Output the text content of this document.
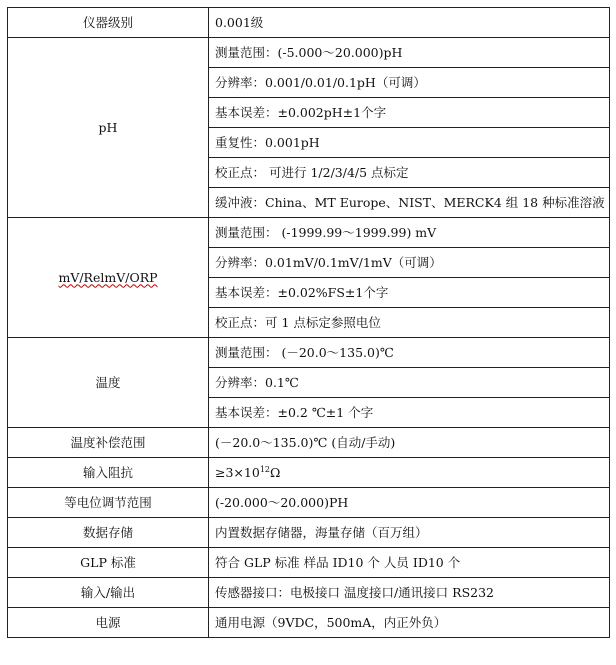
仪器级别	0.001级
pH	测量范围：(-5.000～20.000)pH
	分辨率：0.001/0.01/0.1pH（可调）
	基本误差：±0.002pH±1个字
	重复性：0.001pH
	校正点： 可进行 1/2/3/4/5 点标定
	缓冲液：China、MT Europe、NIST、MERCK4 组 18 种标准溶液
mV/RelmV/ORP	测量范围： (-1999.99～1999.99) mV
	分辨率：0.01mV/0.1mV/1mV（可调）
	基本误差：±0.02%FS±1个字
	校正点：可 1 点标定参照电位
温度	测量范围： (－20.0～135.0)℃
	分辨率：0.1℃
	基本误差：±0.2 ℃±1 个字
温度补偿范围	(－20.0～135.0)℃ (自动/手动)
输入阻抗	$\ge 3\times 10^{12}\Omega$
等电位调节范围	(-20.000～20.000)PH
数据存储	内置数据存储器，海量存储（百万组）
GLP 标准	符合 GLP 标准 样品 ID10 个 人员 ID10 个
输入/输出	传感器接口：电极接口 温度接口/通讯接口 RS232
电源	通用电源（9VDC，500mA，内正外负）
